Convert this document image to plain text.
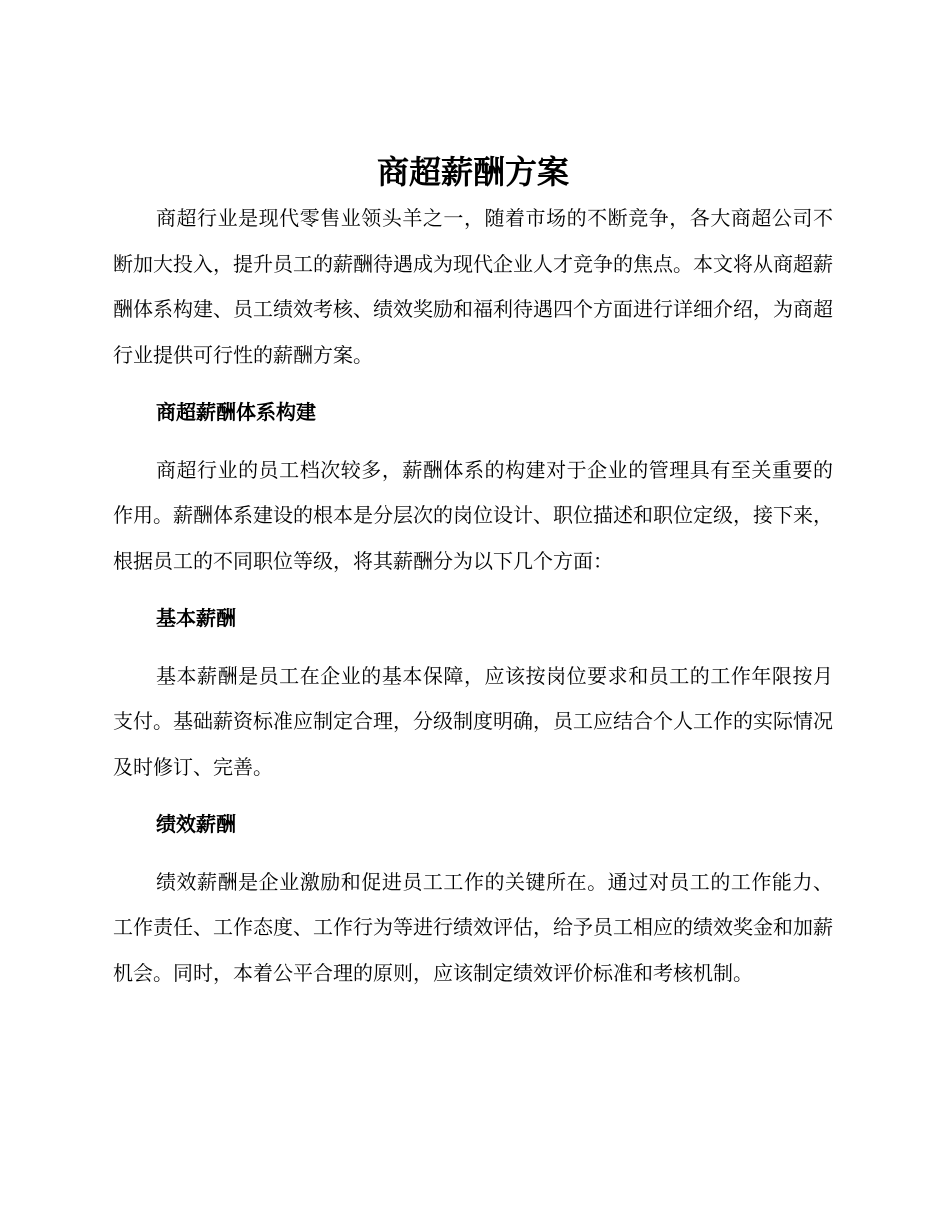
商超薪酬方案

商超行业是现代零售业领头羊之一，随着市场的不断竞争，各大商超公司不断加大投入，提升员工的薪酬待遇成为现代企业人才竞争的焦点。本文将从商超薪酬体系构建、员工绩效考核、绩效奖励和福利待遇四个方面进行详细介绍，为商超行业提供可行性的薪酬方案。

商超薪酬体系构建

商超行业的员工档次较多，薪酬体系的构建对于企业的管理具有至关重要的作用。薪酬体系建设的根本是分层次的岗位设计、职位描述和职位定级，接下来，根据员工的不同职位等级，将其薪酬分为以下几个方面：

基本薪酬

基本薪酬是员工在企业的基本保障，应该按岗位要求和员工的工作年限按月支付。基础薪资标准应制定合理，分级制度明确，员工应结合个人工作的实际情况及时修订、完善。

绩效薪酬

绩效薪酬是企业激励和促进员工工作的关键所在。通过对员工的工作能力、工作责任、工作态度、工作行为等进行绩效评估，给予员工相应的绩效奖金和加薪机会。同时，本着公平合理的原则，应该制定绩效评价标准和考核机制。
